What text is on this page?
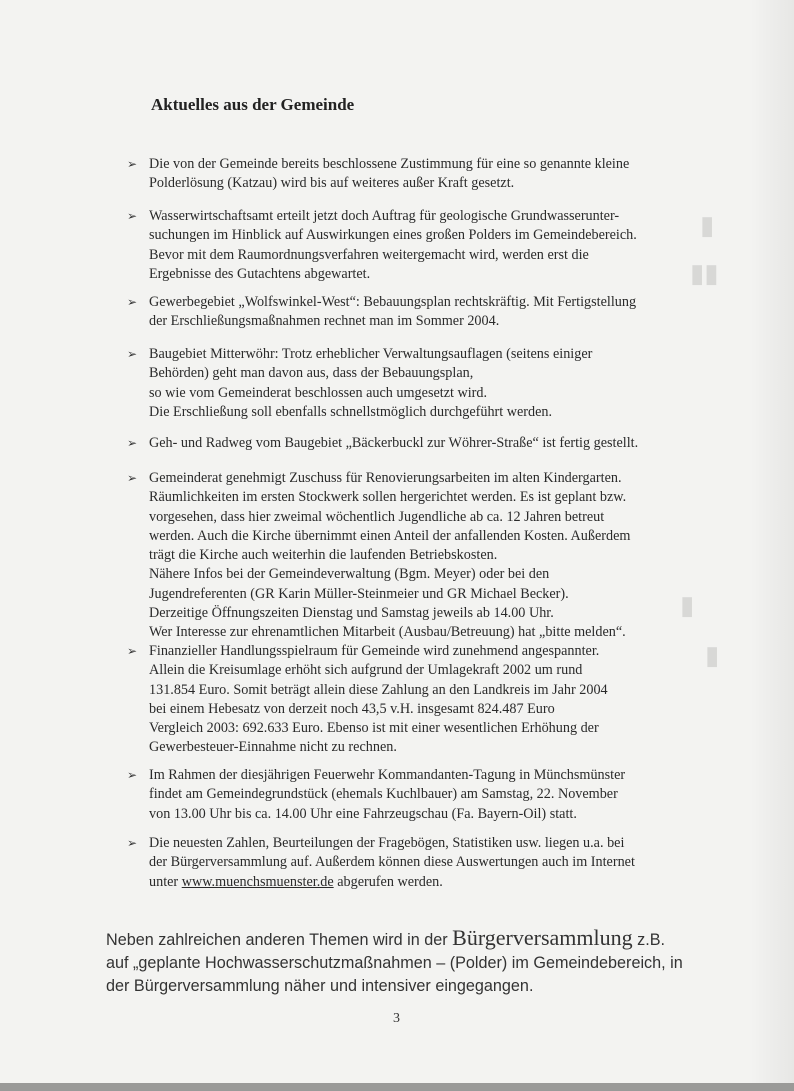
▮
▮▮
▮
▮
Aktuelles aus der Gemeinde
➢ Die von der Gemeinde bereits beschlossene Zustimmung für eine so genannte kleine
Polderlösung (Katzau) wird bis auf weiteres außer Kraft gesetzt.
➢ Wasserwirtschaftsamt erteilt jetzt doch Auftrag für geologische Grundwasserunter-
suchungen im Hinblick auf Auswirkungen eines großen Polders im Gemeindebereich.
Bevor mit dem Raumordnungsverfahren weitergemacht wird, werden erst die
Ergebnisse des Gutachtens abgewartet.
➢ Gewerbegebiet „Wolfswinkel-West“: Bebauungsplan rechtskräftig. Mit Fertigstellung
der Erschließungsmaßnahmen rechnet man im Sommer 2004.
➢ Baugebiet Mitterwöhr: Trotz erheblicher Verwaltungsauflagen (seitens einiger
Behörden) geht man davon aus, dass der Bebauungsplan,
so wie vom Gemeinderat beschlossen auch umgesetzt wird.
Die Erschließung soll ebenfalls schnellstmöglich durchgeführt werden.
➢ Geh- und Radweg vom Baugebiet „Bäckerbuckl zur Wöhrer-Straße“ ist fertig gestellt.
➢ Gemeinderat genehmigt Zuschuss für Renovierungsarbeiten im alten Kindergarten.
Räumlichkeiten im ersten Stockwerk sollen hergerichtet werden. Es ist geplant bzw.
vorgesehen, dass hier zweimal wöchentlich Jugendliche ab ca. 12 Jahren betreut
werden. Auch die Kirche übernimmt einen Anteil der anfallenden Kosten. Außerdem
trägt die Kirche auch weiterhin die laufenden Betriebskosten.
Nähere Infos bei der Gemeindeverwaltung (Bgm. Meyer) oder bei den
Jugendreferenten (GR Karin Müller-Steinmeier und GR Michael Becker).
Derzeitige Öffnungszeiten Dienstag und Samstag jeweils ab 14.00 Uhr.
Wer Interesse zur ehrenamtlichen Mitarbeit (Ausbau/Betreuung) hat „bitte melden“.
➢ Finanzieller Handlungsspielraum für Gemeinde wird zunehmend angespannter.
Allein die Kreisumlage erhöht sich aufgrund der Umlagekraft 2002 um rund
131.854 Euro. Somit beträgt allein diese Zahlung an den Landkreis im Jahr 2004
bei einem Hebesatz von derzeit noch 43,5 v.H. insgesamt 824.487 Euro
Vergleich 2003: 692.633 Euro. Ebenso ist mit einer wesentlichen Erhöhung der
Gewerbesteuer-Einnahme nicht zu rechnen.
➢ Im Rahmen der diesjährigen Feuerwehr Kommandanten-Tagung in Münchsmünster
findet am Gemeindegrundstück (ehemals Kuchlbauer) am Samstag, 22. November
von 13.00 Uhr bis ca. 14.00 Uhr eine Fahrzeugschau (Fa. Bayern-Oil) statt.
➢ Die neuesten Zahlen, Beurteilungen der Fragebögen, Statistiken usw. liegen u.a. bei
der Bürgerversammlung auf. Außerdem können diese Auswertungen auch im Internet
unter www.muenchsmuenster.de abgerufen werden.
Neben zahlreichen anderen Themen wird in der Bürgerversammlung z.B.
auf „geplante Hochwasserschutzmaßnahmen – (Polder) im Gemeindebereich, in
der Bürgerversammlung näher und intensiver eingegangen.
3
